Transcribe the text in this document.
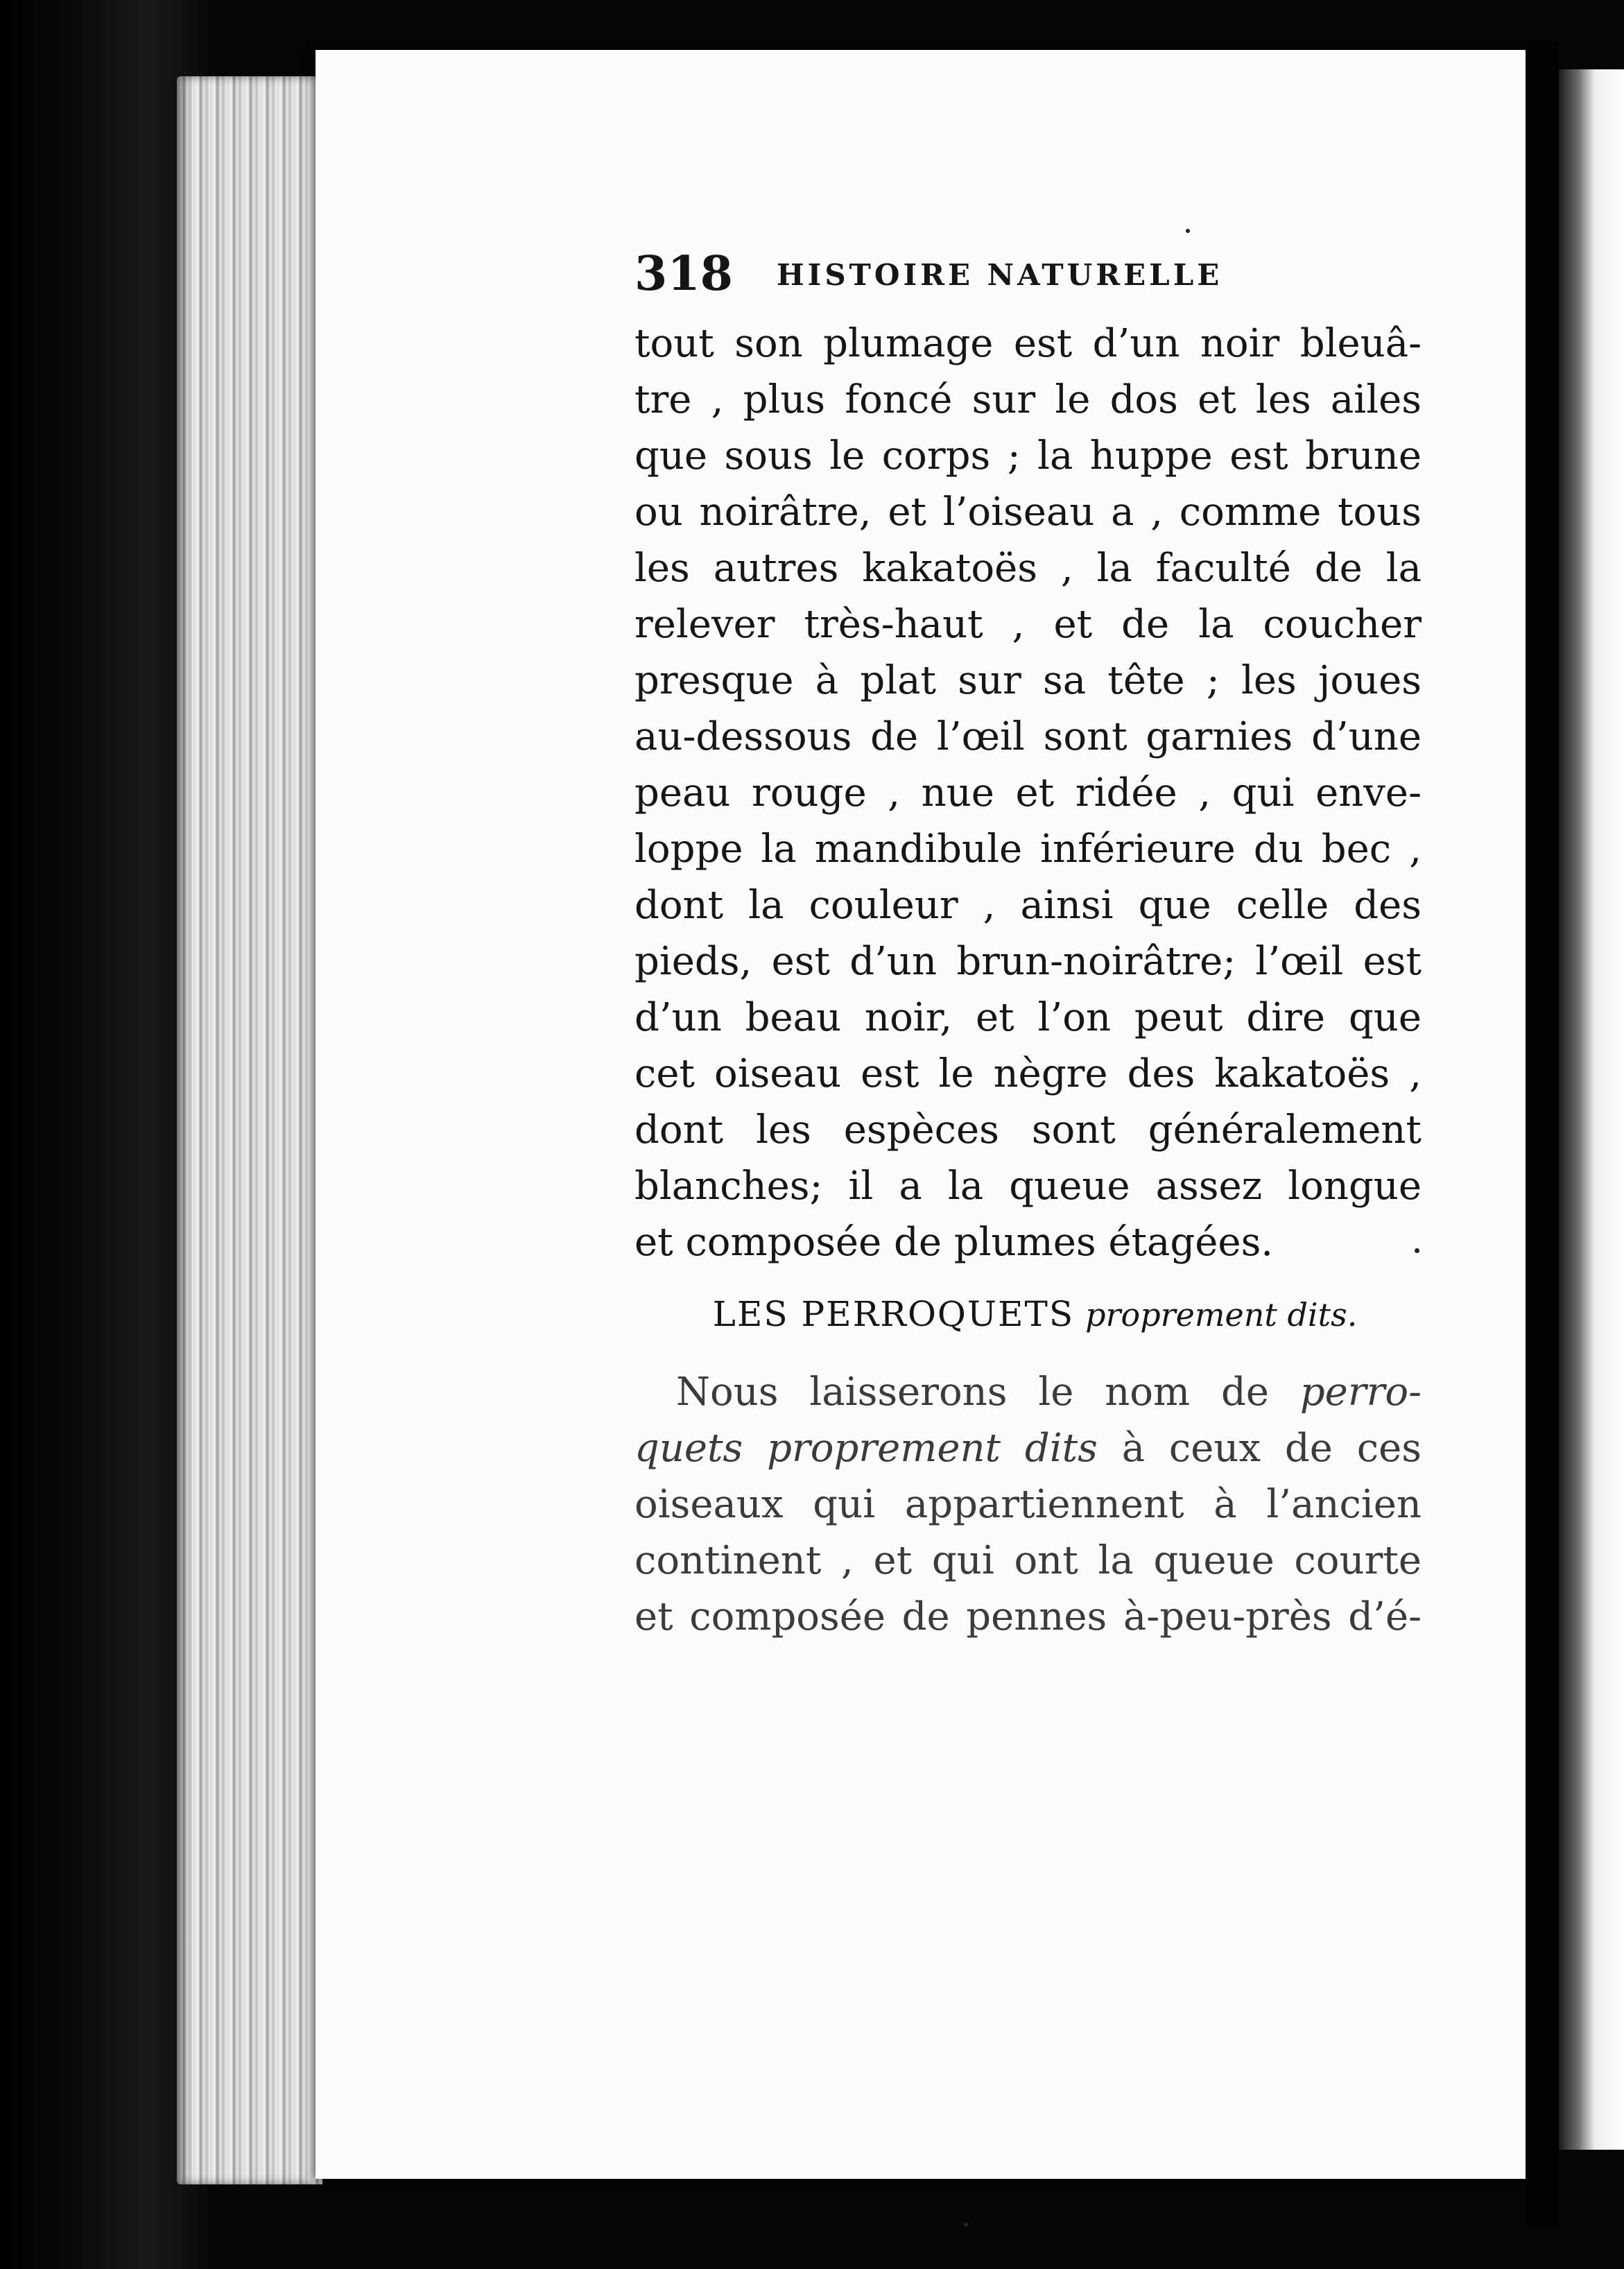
318 HISTOIRE NATURELLE

tout son plumage est d’un noir bleuâ-
tre , plus foncé sur le dos et les ailes
que sous le corps ; la huppe est brune
ou noirâtre, et l’oiseau a , comme tous
les autres kakatoës , la faculté de la
relever très-haut , et de la coucher
presque à plat sur sa tête ; les joues
au-dessous de l’œil sont garnies d’une
peau rouge , nue et ridée , qui enve-
loppe la mandibule inférieure du bec ,
dont la couleur , ainsi que celle des
pieds, est d’un brun-noirâtre; l’œil est
d’un beau noir, et l’on peut dire que
cet oiseau est le nègre des kakatoës ,
dont les espèces sont généralement
blanches; il a la queue assez longue
et composée de plumes étagées.

LES PERROQUETS proprement dits.

Nous laisserons le nom de perro-
quets proprement dits à ceux de ces
oiseaux qui appartiennent à l’ancien
continent , et qui ont la queue courte
et composée de pennes à-peu-près d’é-
